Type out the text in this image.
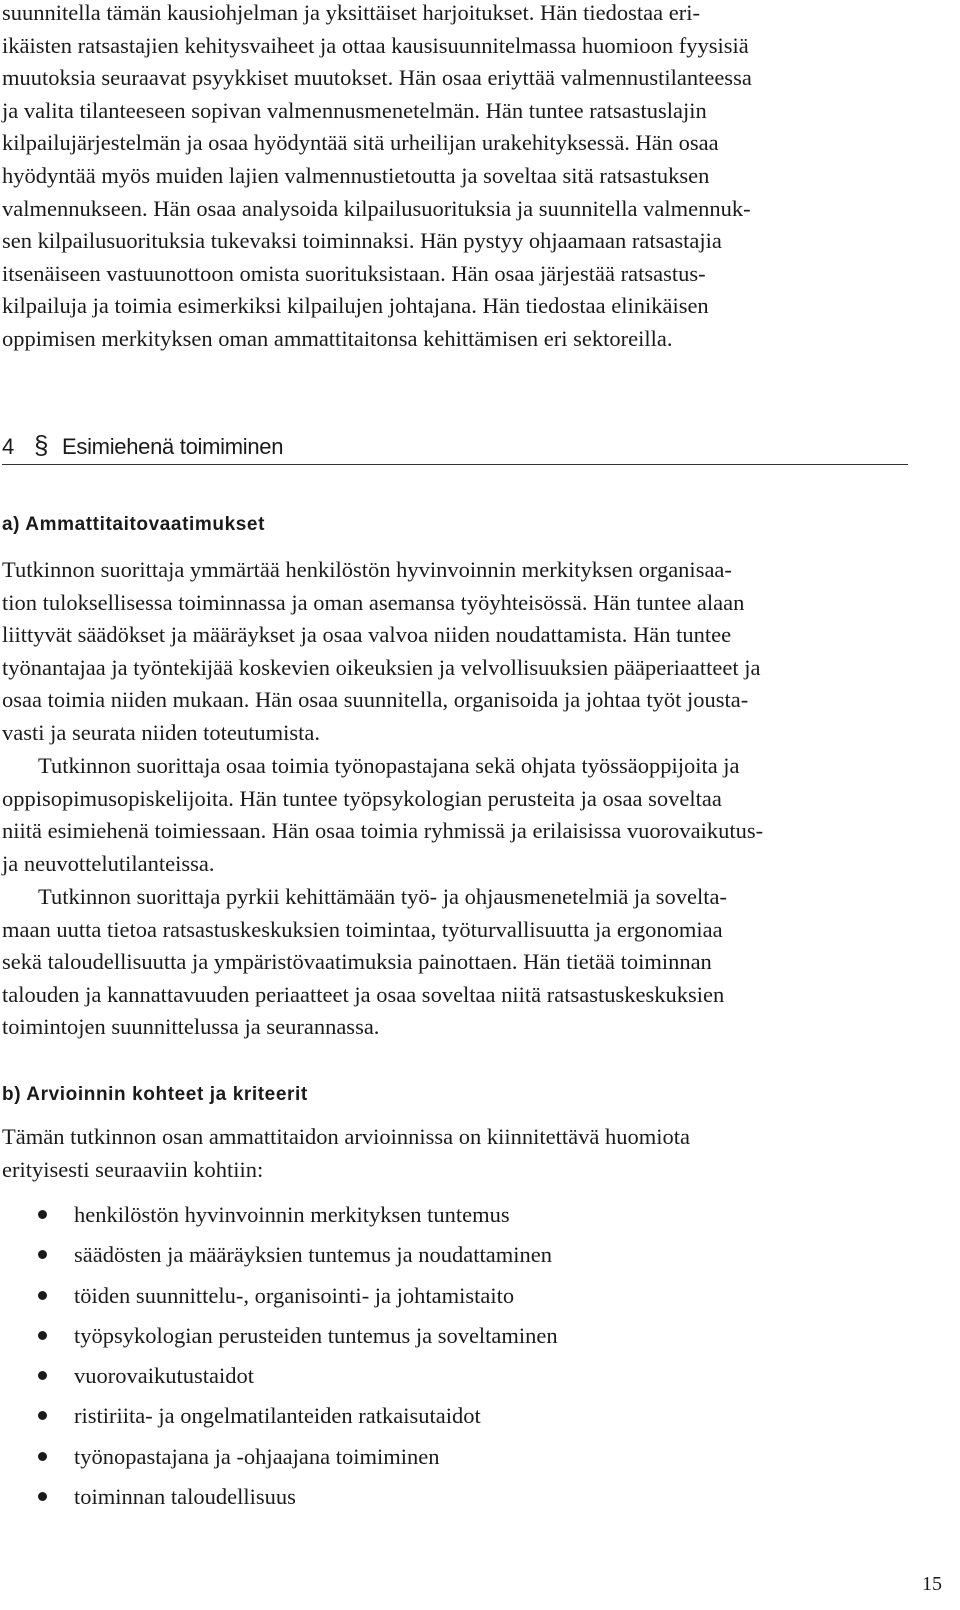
suunnitella tämän kausiohjelman ja yksittäiset harjoitukset. Hän tiedostaa eri-
ikäisten ratsastajien kehitysvaiheet ja ottaa kausisuunnitelmassa huomioon fyysisiä
muutoksia seuraavat psyykkiset muutokset. Hän osaa eriyttää valmennustilanteessa
ja valita tilanteeseen sopivan valmennusmenetelmän. Hän tuntee ratsastuslajin
kilpailujärjestelmän ja osaa hyödyntää sitä urheilijan urakehityksessä. Hän osaa
hyödyntää myös muiden lajien valmennustietoutta ja soveltaa sitä ratsastuksen
valmennukseen. Hän osaa analysoida kilpailusuorituksia ja suunnitella valmennuk-
sen kilpailusuorituksia tukevaksi toiminnaksi. Hän pystyy ohjaamaan ratsastajia
itsenäiseen vastuunottoon omista suorituksistaan. Hän osaa järjestää ratsastus-
kilpailuja ja toimia esimerkiksi kilpailujen johtajana. Hän tiedostaa elinikäisen
oppimisen merkityksen oman ammattitaitonsa kehittämisen eri sektoreilla.
4 § Esimiehenä toimiminen
a) Ammattitaitovaatimukset
Tutkinnon suorittaja ymmärtää henkilöstön hyvinvoinnin merkityksen organisaa-
tion tuloksellisessa toiminnassa ja oman asemansa työyhteisössä. Hän tuntee alaan
liittyvät säädökset ja määräykset ja osaa valvoa niiden noudattamista. Hän tuntee
työnantajaa ja työntekijää koskevien oikeuksien ja velvollisuuksien pääperiaatteet ja
osaa toimia niiden mukaan. Hän osaa suunnitella, organisoida ja johtaa työt jousta-
vasti ja seurata niiden toteutumista.
Tutkinnon suorittaja osaa toimia työnopastajana sekä ohjata työssäoppijoita ja
oppisopimusopiskelijoita. Hän tuntee työpsykologian perusteita ja osaa soveltaa
niitä esimiehenä toimiessaan. Hän osaa toimia ryhmissä ja erilaisissa vuorovaikutus-
ja neuvottelutilanteissa.
Tutkinnon suorittaja pyrkii kehittämään työ- ja ohjausmenetelmiä ja sovelta-
maan uutta tietoa ratsastuskeskuksien toimintaa, työturvallisuutta ja ergonomiaa
sekä taloudellisuutta ja ympäristövaatimuksia painottaen. Hän tietää toiminnan
talouden ja kannattavuuden periaatteet ja osaa soveltaa niitä ratsastuskeskuksien
toimintojen suunnittelussa ja seurannassa.
b) Arvioinnin kohteet ja kriteerit
Tämän tutkinnon osan ammattitaidon arvioinnissa on kiinnitettävä huomiota
erityisesti seuraaviin kohtiin:
henkilöstön hyvinvoinnin merkityksen tuntemus
säädösten ja määräyksien tuntemus ja noudattaminen
töiden suunnittelu-, organisointi- ja johtamistaito
työpsykologian perusteiden tuntemus ja soveltaminen
vuorovaikutustaidot
ristiriita- ja ongelmatilanteiden ratkaisutaidot
työnopastajana ja -ohjaajana toimiminen
toiminnan taloudellisuus
15
